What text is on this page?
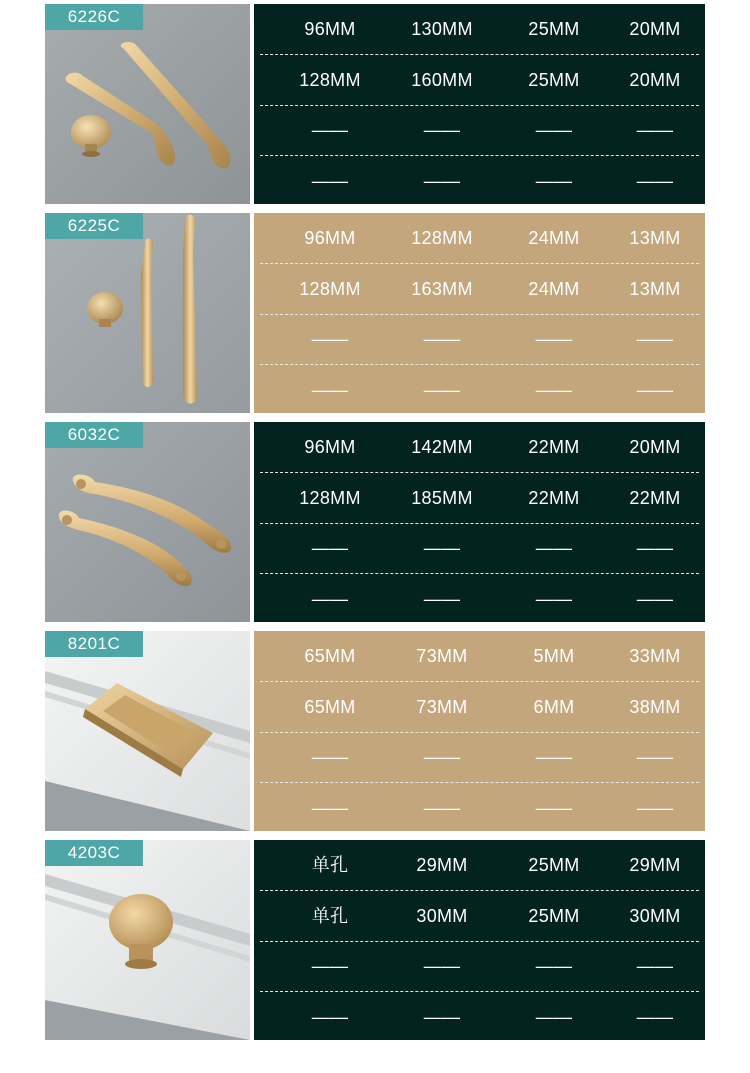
6226C
96MM	130MM	25MM	20MM
128MM	160MM	25MM	20MM
——	——	——	——
——	——	——	——
6225C
96MM	128MM	24MM	13MM
128MM	163MM	24MM	13MM
——	——	——	——
——	——	——	——
6032C
96MM	142MM	22MM	20MM
128MM	185MM	22MM	22MM
——	——	——	——
——	——	——	——
8201C
65MM	73MM	5MM	33MM
65MM	73MM	6MM	38MM
——	——	——	——
——	——	——	——
4203C
单孔	29MM	25MM	29MM
单孔	30MM	25MM	30MM
——	——	——	——
——	——	——	——
